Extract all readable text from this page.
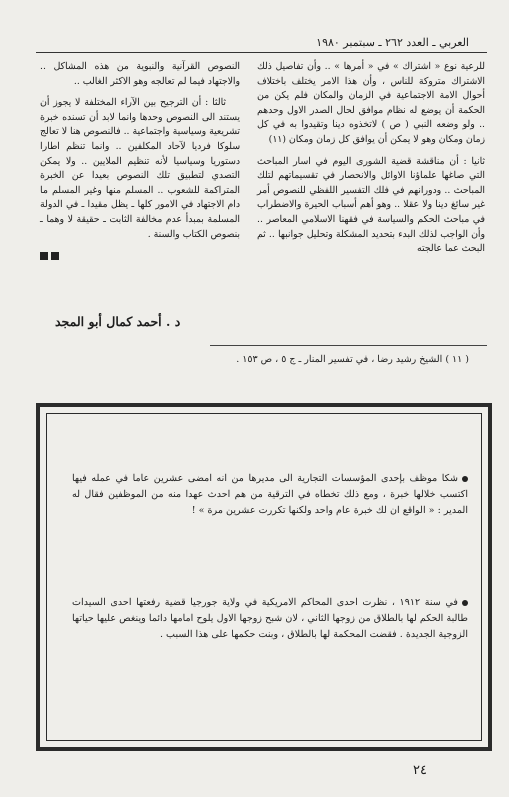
العربي ـ العدد ٢٦٢ ـ سبتمبر ١٩٨٠

للرعية نوع « اشتراك » في « أمرها » .. وأن تفاصيل ذلك الاشتراك متروكة للناس ، وأن هذا الامر يختلف باختلاف أحوال الامة الاجتماعية في الزمان والمكان فلم يكن من الحكمة أن يوضع له نظام موافق لحال الصدر الاول وحدهم .. ولو وضعه النبي ( ص ) لاتخذوه دينا وتقيدوا به في كل زمان ومكان وهو لا يمكن أن يوافق كل زمان ومكان (١١)

ثانيا : أن مناقشة قضية الشورى اليوم في اسار المباحث التي صاغها علماؤنا الاوائل والانحصار في تقسيماتهم لتلك المباحث .. ودورانهم في فلك التفسير اللفظي للنصوص أمر غير سائغ دينا ولا عقلا .. وهو أهم أسباب الحيرة والاضطراب في مباحث الحكم والسياسة في فقهنا الاسلامي المعاصر .. وأن الواجب لذلك البدء بتحديد المشكلة وتحليل جوانبها .. ثم البحث عما عالجته

النصوص القرآنية والنبوية من هذه المشاكل .. والاجتهاد فيما لم تعالجه وهو الاكثر الغالب ..

ثالثا : أن الترجيح بين الآراء المختلفة لا يجوز أن يستند الى النصوص وحدها وانما لابد أن تسنده خبرة تشريعية وسياسية واجتماعية .. فالنصوص هنا لا تعالج سلوكا فرديا لآحاد المكلفين .. وانما تنظم اطارا دستوريا وسياسيا لأنه تنظيم الملايين .. ولا يمكن التصدي لتطبيق تلك النصوص بعيدا عن الخبرة المتراكمة للشعوب .. المسلم منها وغير المسلم ما دام الاجتهاد في الامور كلها ـ يظل مقيدا ـ في الدولة المسلمة بمبدأ عدم مخالفة الثابت ـ حقيقة لا وهما ـ بنصوص الكتاب والسنة .

د . أحمد كمال أبو المجد
( ١١ ) الشيخ رشيد رضا ، في تفسير المنار ـ ج ٥ ، ص ١٥٣ .
شكا موظف بإحدى المؤسسات التجارية الى مديرها من انه امضى عشرين عاما في عمله فيها اكتسب خلالها خبرة ، ومع ذلك تخطاه في الترقية من هم احدث عهدا منه من الموظفين فقال له المدير : « الواقع ان لك خبرة عام واحد ولكنها تكررت عشرين مرة » !
في سنة ١٩١٢ ، نظرت احدى المحاكم الامريكية في ولاية جورجيا قضية رفعتها احدى السيدات طالبة الحكم لها بالطلاق من زوجها الثاني ، لان شبح زوجها الاول يلوح امامها دائما وينغص عليها حياتها الزوجية الجديدة . فقضت المحكمة لها بالطلاق ، وبنت حكمها على هذا السبب .
٢٤
